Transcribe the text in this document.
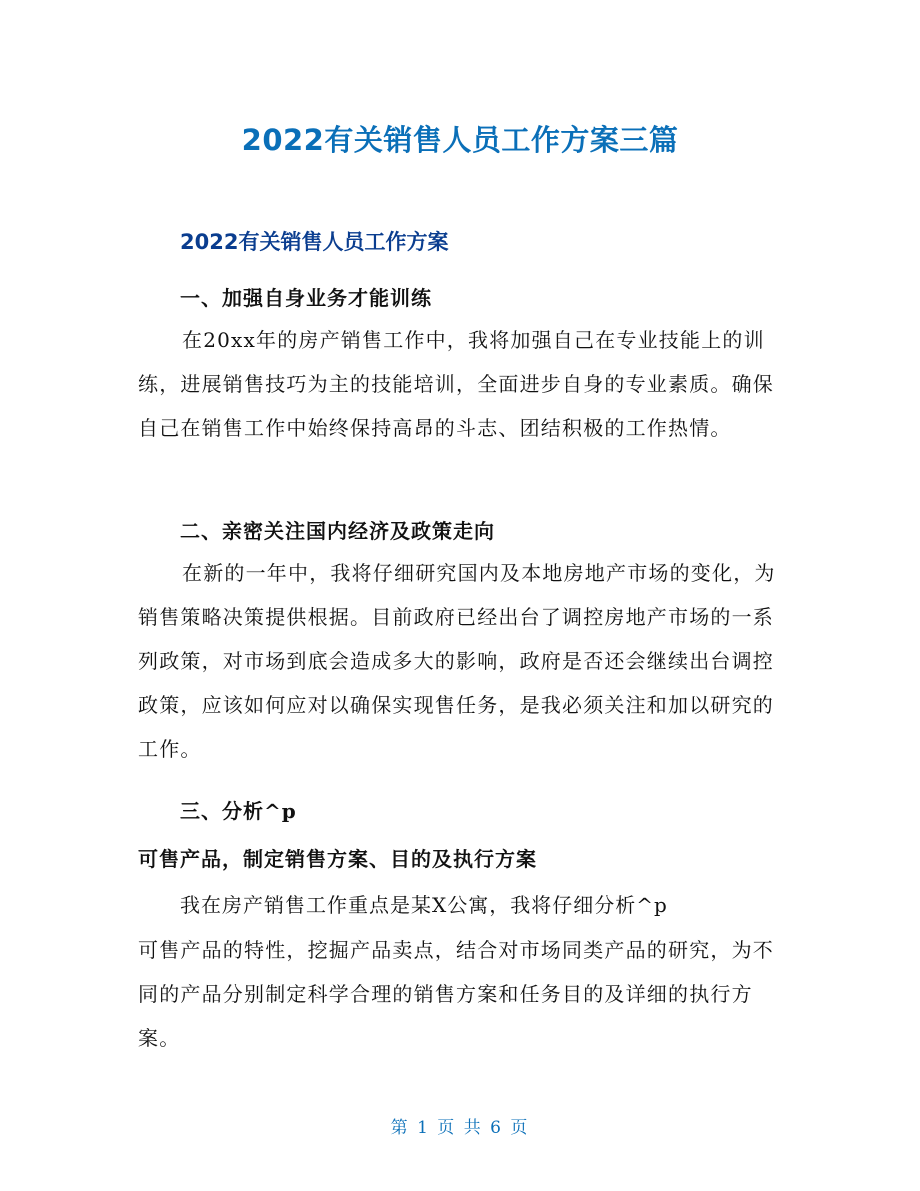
2022有关销售人员工作方案三篇
2022有关销售人员工作方案
一、加强自身业务才能训练

在20xx年的房产销售工作中，我将加强自己在专业技能上的训练，进展销售技巧为主的技能培训，全面进步自身的专业素质。确保自己在销售工作中始终保持高昂的斗志、团结积极的工作热情。

二、亲密关注国内经济及政策走向

在新的一年中，我将仔细研究国内及本地房地产市场的变化，为销售策略决策提供根据。目前政府已经出台了调控房地产市场的一系列政策，对市场到底会造成多大的影响，政府是否还会继续出台调控政策，应该如何应对以确保实现售任务，是我必须关注和加以研究的工作。

三、分析^p
可售产品，制定销售方案、目的及执行方案
我在房产销售工作重点是某X公寓，我将仔细分析^p

可售产品的特性，挖掘产品卖点，结合对市场同类产品的研究，为不同的产品分别制定科学合理的销售方案和任务目的及详细的执行方案。

第 1 页 共 6 页
